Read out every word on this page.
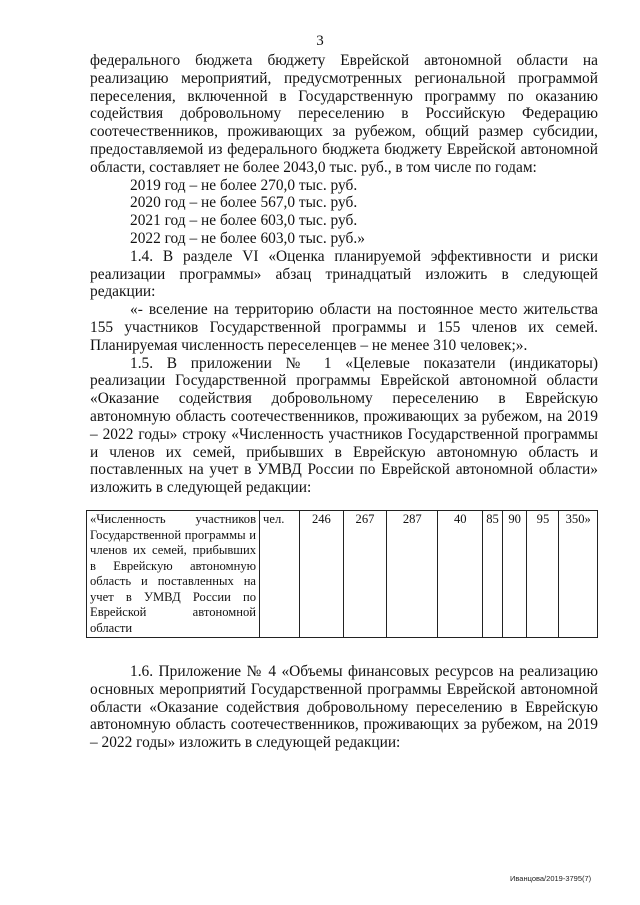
3

федерального бюджета бюджету Еврейской автономной области на реализацию мероприятий, предусмотренных региональной программой переселения, включенной в Государственную программу по оказанию содействия добровольному переселению в Российскую Федерацию соотечественников, проживающих за рубежом, общий размер субсидии, предоставляемой из федерального бюджета бюджету Еврейской автономной области, составляет не более 2043,0 тыс. руб., в том числе по годам:

2019 год – не более 270,0 тыс. руб.

2020 год – не более 567,0 тыс. руб.

2021 год – не более 603,0 тыс. руб.

2022 год – не более 603,0 тыс. руб.»

1.4. В разделе VI «Оценка планируемой эффективности и риски реализации программы» абзац тринадцатый изложить в следующей редакции:

«- вселение на территорию области на постоянное место жительства 155 участников Государственной программы и 155 членов их семей. Планируемая численность переселенцев – не менее 310 человек;».

1.5. В приложении № 1 «Целевые показатели (индикаторы) реализации Государственной программы Еврейской автономной области «Оказание содействия добровольному переселению в Еврейскую автономную область соотечественников, проживающих за рубежом, на 2019 – 2022 годы» строку «Численность участников Государственной программы и членов их семей, прибывших в Еврейскую автономную область и поставленных на учет в УМВД России по Еврейской автономной области» изложить в следующей редакции:

«Численность участников Государственной программы и членов их семей, прибывших в Еврейскую автономную область и поставленных на учет в УМВД России по Еврейской автономной области	чел.	246	267	287	40	85	90	95	350»

1.6. Приложение № 4 «Объемы финансовых ресурсов на реализацию основных мероприятий Государственной программы Еврейской автономной области «Оказание содействия добровольному переселению в Еврейскую автономную область соотечественников, проживающих за рубежом, на 2019 – 2022 годы» изложить в следующей редакции:

Иванцова/2019-3795(7)
